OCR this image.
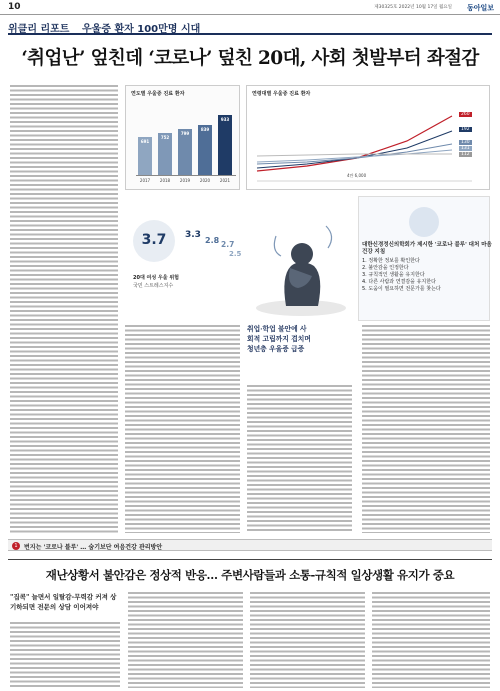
10	제30325호 2022년 10월 17일 월요일 동아일보
위클리 리포트 우울증 환자 100만명 시대
‘취업난’ 엎친데 ‘코로나’ 덮친 20대, 사회 첫발부터 좌절감
연도별 우울증 진료 환자
691
752
799
839
933
2017	2018	2019	2020	2021
연령대별 우울증 진료 환자
260
192
130
131
112
4만 6,000
3.7	3.3
2.8 2.7
2.5
20대 여성 우울 위험
국민 스트레스지수
대한신경정신의학회가 제시한 '코로나 블루' 대처 마음건강 지침
1. 정확한 정보를 확인한다
2. 불안감을 인정한다
3. 규칙적인 생활을 유지한다
4. 다른 사람과 연결감을 유지한다
5. 도움이 필요하면 전문가를 찾는다
취업·학업 불안에 사회적 고립까지 겹치며 청년층 우울증 급증
1	번지는 '코로나 블루' … 숨기보단 여음건강 관리방안
재난상황서 불안감은 정상적 반응… 주변사람들과 소통-규칙적 일상생활 유지가 중요
"집콕" 늘면서 일탈감-무력감 커져 상기하되면 전문의 상담 이어져야
